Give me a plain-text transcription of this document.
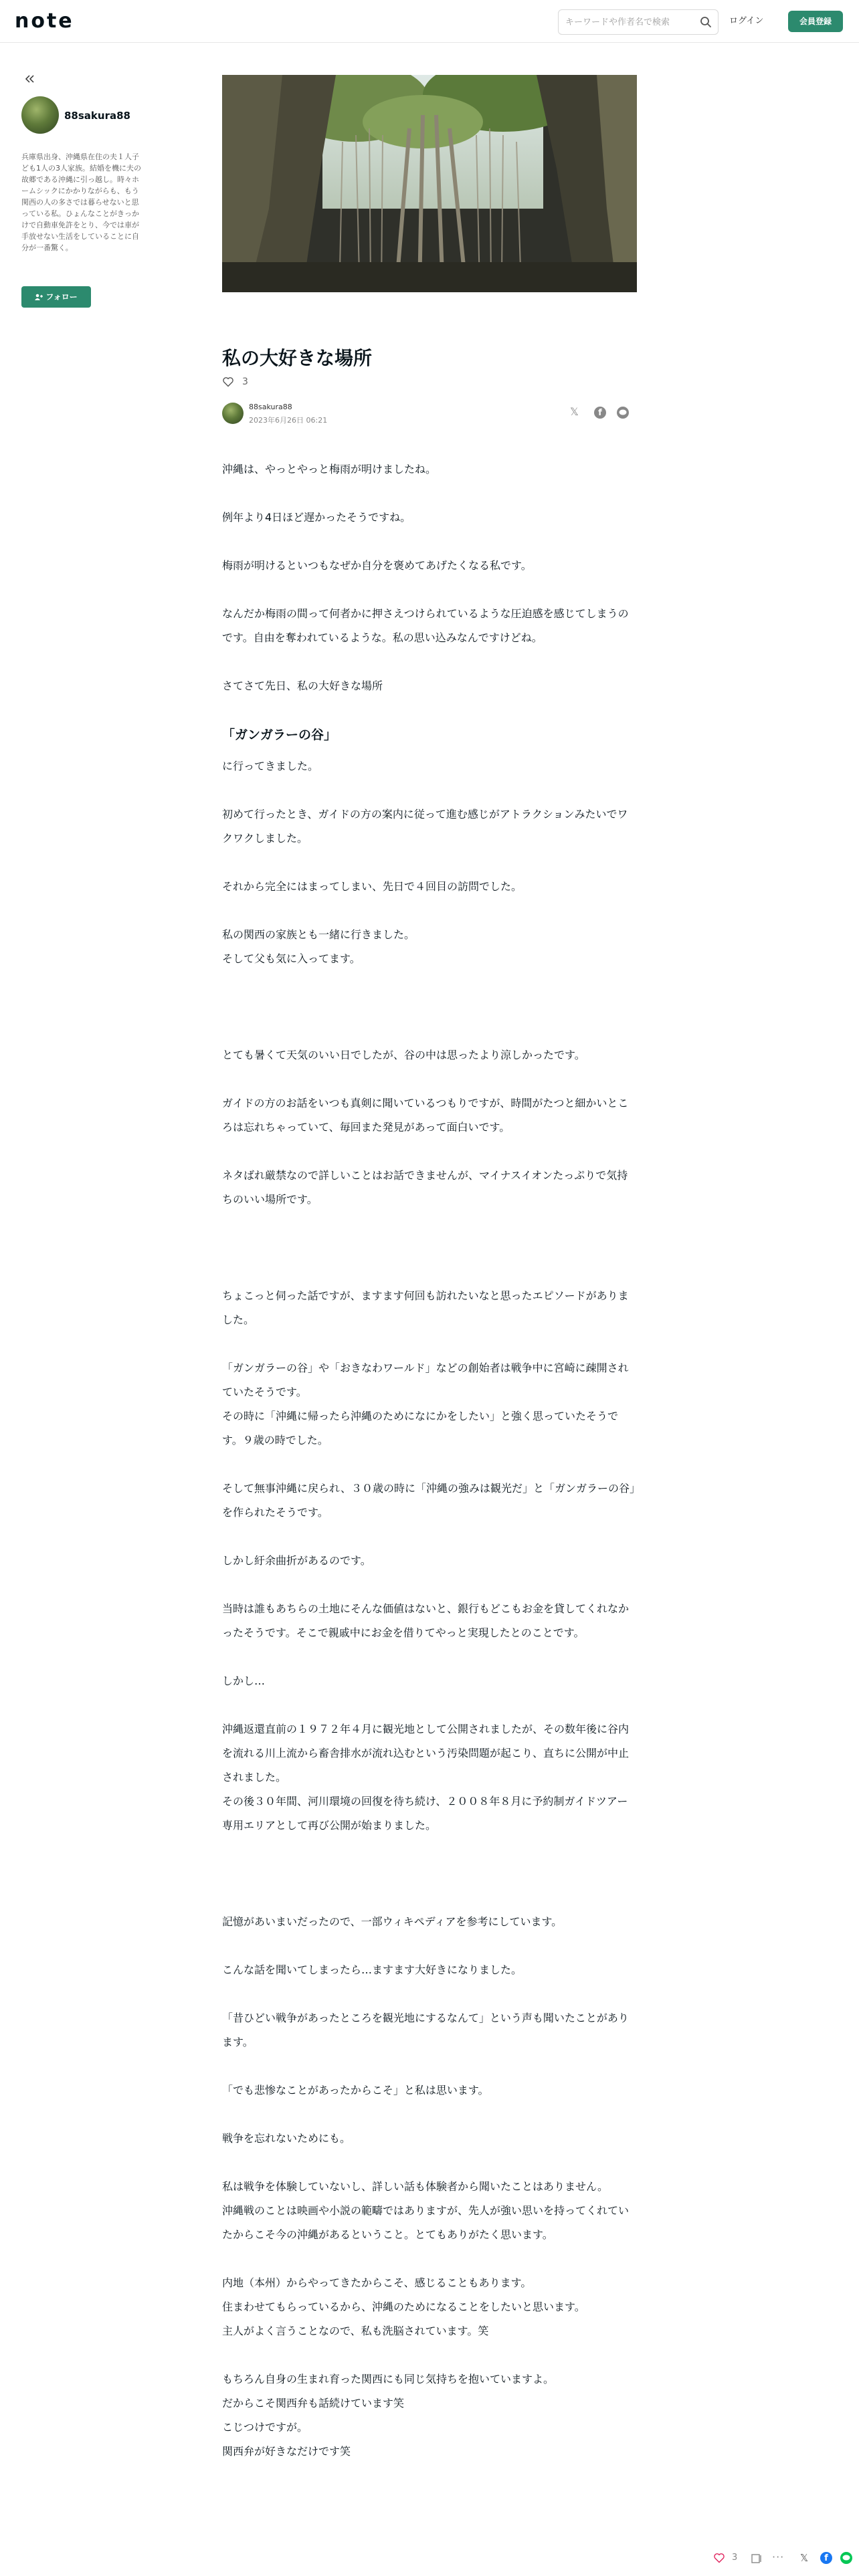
note
キーワードや作者名で検索	ログイン	会員登録
88sakura88
兵庫県出身、沖縄県在住の夫１人子ども1人の3人家族。結婚を機に夫の故郷である沖縄に引っ越し。時々ホームシックにかかりながらも、もう関西の人の多さでは暮らせないと思っている私。ひょんなことがきっかけで自動車免許をとり、今では車が手放せない生活をしていることに自分が一番驚く。
フォロー
私の大好きな場所
3
88sakura88
2023年6月26日 06:21
𝕏	f

沖縄は、やっとやっと梅雨が明けましたね。

例年より4日ほど遅かったそうですね。

梅雨が明けるといつもなぜか自分を褒めてあげたくなる私です。

なんだか梅雨の間って何者かに押さえつけられているような圧迫感を感じてしまうのです。自由を奪われているような。私の思い込みなんですけどね。

さてさて先日、私の大好きな場所

「ガンガラーの谷」

に行ってきました。

初めて行ったとき、ガイドの方の案内に従って進む感じがアトラクションみたいでワクワクしました。

それから完全にはまってしまい、先日で４回目の訪問でした。

私の関西の家族とも一緒に行きました。
そして父も気に入ってます。

とても暑くて天気のいい日でしたが、谷の中は思ったより涼しかったです。

ガイドの方のお話をいつも真剣に聞いているつもりですが、時間がたつと細かいところは忘れちゃっていて、毎回また発見があって面白いです。

ネタばれ厳禁なので詳しいことはお話できませんが、マイナスイオンたっぷりで気持ちのいい場所です。

ちょこっと伺った話ですが、ますます何回も訪れたいなと思ったエピソードがありました。

「ガンガラーの谷」や「おきなわワールド」などの創始者は戦争中に宮崎に疎開されていたそうです。
その時に「沖縄に帰ったら沖縄のためになにかをしたい」と強く思っていたそうです。９歳の時でした。

そして無事沖縄に戻られ、３０歳の時に「沖縄の強みは観光だ」と「ガンガラーの谷」を作られたそうです。

しかし紆余曲折があるのです。

当時は誰もあちらの土地にそんな価値はないと、銀行もどこもお金を貸してくれなかったそうです。そこで親戚中にお金を借りてやっと実現したとのことです。

しかし…

沖縄返還直前の１９７２年４月に観光地として公開されましたが、その数年後に谷内を流れる川上流から畜舎排水が流れ込むという汚染問題が起こり、直ちに公開が中止されました。
その後３０年間、河川環境の回復を待ち続け、２００８年８月に予約制ガイドツアー専用エリアとして再び公開が始まりました。

記憶があいまいだったので、一部ウィキペディアを参考にしています。

こんな話を聞いてしまったら…ますます大好きになりました。

「昔ひどい戦争があったところを観光地にするなんて」という声も聞いたことがあります。

「でも悲惨なことがあったからこそ」と私は思います。

戦争を忘れないためにも。

私は戦争を体験していないし、詳しい話も体験者から聞いたことはありません。
沖縄戦のことは映画や小説の範疇ではありますが、先人が強い思いを持ってくれていたからこそ今の沖縄があるということ。とてもありがたく思います。

内地（本州）からやってきたからこそ、感じることもあります。
住まわせてもらっているから、沖縄のためになることをしたいと思います。
主人がよく言うことなので、私も洗脳されています。笑

もちろん自身の生まれ育った関西にも同じ気持ちを抱いていますよ。
だからこそ関西弁も話続けています笑
こじつけですが。
関西弁が好きなだけです笑

3	··· 𝕏	f
